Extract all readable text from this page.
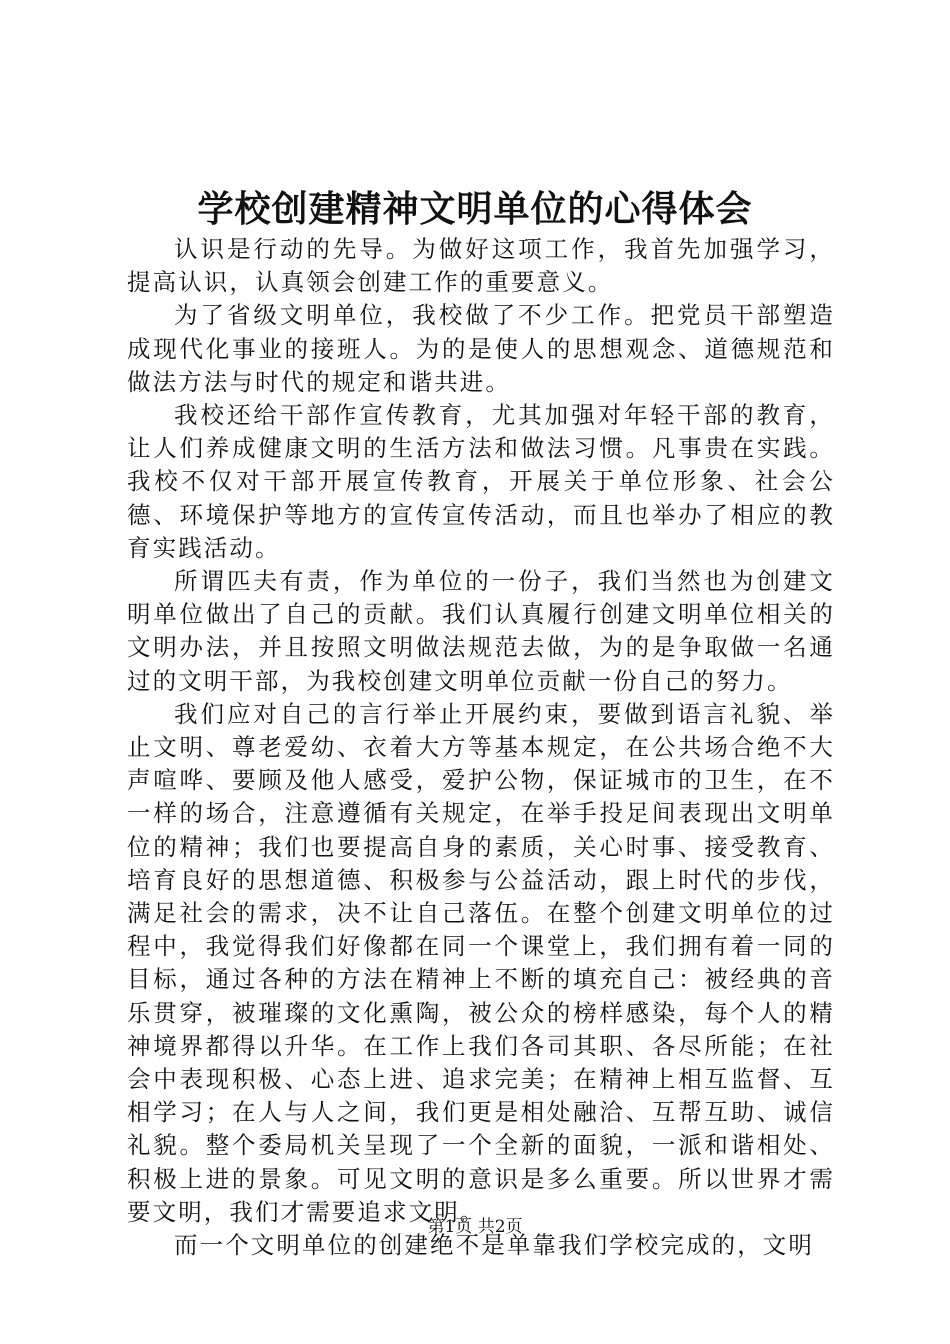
学校创建精神文明单位的心得体会

认识是行动的先导。为做好这项工作，我首先加强学习，提高认识，认真领会创建工作的重要意义。

为了省级文明单位，我校做了不少工作。把党员干部塑造成现代化事业的接班人。为的是使人的思想观念、道德规范和做法方法与时代的规定和谐共进。

我校还给干部作宣传教育，尤其加强对年轻干部的教育，让人们养成健康文明的生活方法和做法习惯。凡事贵在实践。我校不仅对干部开展宣传教育，开展关于单位形象、社会公德、环境保护等地方的宣传宣传活动，而且也举办了相应的教育实践活动。

所谓匹夫有责，作为单位的一份子，我们当然也为创建文明单位做出了自己的贡献。我们认真履行创建文明单位相关的文明办法，并且按照文明做法规范去做，为的是争取做一名通过的文明干部，为我校创建文明单位贡献一份自己的努力。

我们应对自己的言行举止开展约束，要做到语言礼貌、举止文明、尊老爱幼、衣着大方等基本规定，在公共场合绝不大声喧哗、要顾及他人感受，爱护公物，保证城市的卫生，在不一样的场合，注意遵循有关规定，在举手投足间表现出文明单位的精神；我们也要提高自身的素质，关心时事、接受教育、培育良好的思想道德、积极参与公益活动，跟上时代的步伐，满足社会的需求，决不让自己落伍。在整个创建文明单位的过程中，我觉得我们好像都在同一个课堂上，我们拥有着一同的目标，通过各种的方法在精神上不断的填充自己：被经典的音乐贯穿，被璀璨的文化熏陶，被公众的榜样感染，每个人的精神境界都得以升华。在工作上我们各司其职、各尽所能；在社会中表现积极、心态上进、追求完美；在精神上相互监督、互相学习；在人与人之间，我们更是相处融洽、互帮互助、诚信礼貌。整个委局机关呈现了一个全新的面貌，一派和谐相处、积极上进的景象。可见文明的意识是多么重要。所以世界才需要文明，我们才需要追求文明。

而一个文明单位的创建绝不是单靠我们学校完成的，文明

第1页 共2页
